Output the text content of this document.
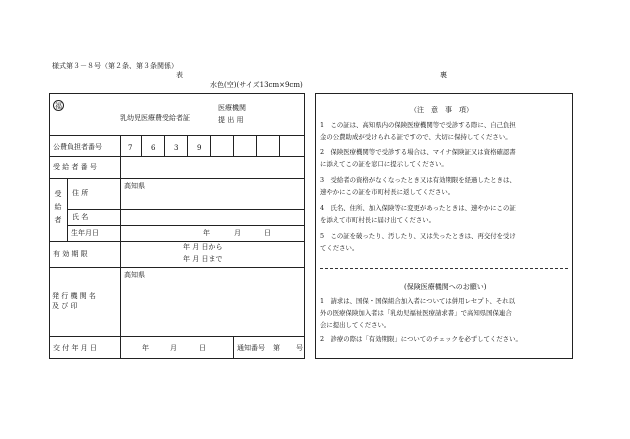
様式第３－８号（第２条、第３条関係）
表	裏
水色(空)(サイズ13cm×9cm)
福
乳幼児医療費受給者証
医療機関
提 出 用
公費負担者番号	7	6	3	9
受 給 者 番 号
受給者
住 所
高知県
氏 名
生年月日	年	月	日
有 効 期 限
年 月 日から
年 月 日まで
発 行 機 関 名
及 び 印
高知県
交 付 年 月 日	年	月	日	通知番号 第 号
（注　意　事　項）
1　この証は、高知県内の保険医療機関等で受診する際に、自己負担
金の公費助成が受けられる証ですので、大切に保持してください。
2　保険医療機関等で受診する場合は、マイナ保険証又は資格確認書
に添えてこの証を窓口に提示してください。
3　受給者の資格がなくなったとき又は有効期限を経過したときは、
速やかにこの証を市町村長に返してください。
4　氏名、住所、加入保険等に変更があったときは、速やかにこの証
を添えて市町村長に届け出てください。
5　この証を破ったり、汚したり、又は失ったときは、再交付を受け
てください。
(保険医療機関へのお願い)
1　請求は、国保・国保組合加入者については併用レセプト、それ以
外の医療保険加入者は「乳幼児福祉医療請求書」で高知県国保連合
会に提出してください。
2　診療の際は「有効期限」についてのチェックを必ずしてください。
